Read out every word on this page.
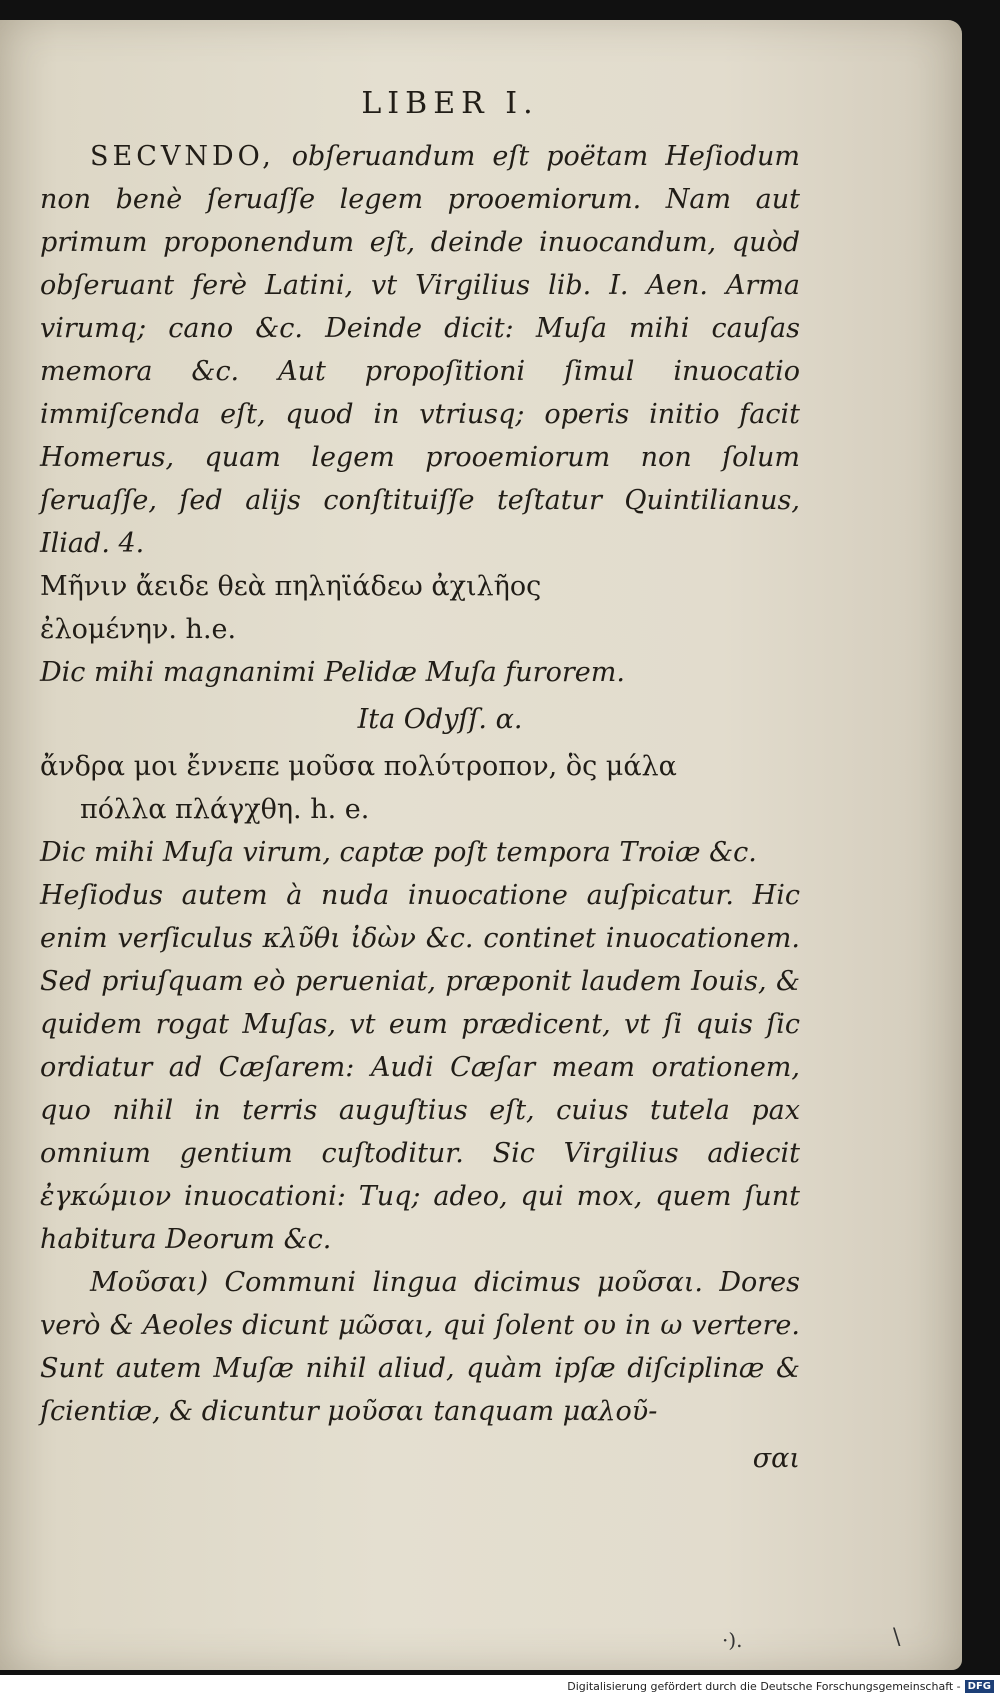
LIBER I.

SECVNDO, obſeruandum eſt poëtam Heſiodum non benè ſeruaſſe legem prooemiorum. Nam aut primum proponendum eſt, deinde inuocandum, quòd obſeruant ferè Latini, vt Virgilius lib. I. Aen. Arma virumq; cano &c. Deinde dicit: Muſa mihi cauſas memora &c. Aut propoſitioni ſimul inuocatio immiſcenda eſt, quod in vtriusq; operis initio facit Homerus, quam legem prooemiorum non ſolum ſeruaſſe, ſed alijs conſtituiſſe teſtatur Quintilianus, Iliad. 4.

Μῆνιν ἄειδε θεὰ πηληϊάδεω ἀχιλῆος

ἐλομένην. h.e.

Dic mihi magnanimi Pelidæ Muſa furorem.

Ita Odyſſ. α.

ἄνδρα μοι ἔννεπε μοῦσα πολύτροπον, ὃς μάλα

πόλλα πλάγχθη. h. e.

Dic mihi Muſa virum, captæ poſt tempora Troiæ &c.

Heſiodus autem à nuda inuocatione auſpicatur. Hic enim verſiculus κλῦθι ἰδὼν &c. continet inuocationem. Sed priuſquam eò perueniat, præponit laudem Iouis, & quidem rogat Muſas, vt eum prædicent, vt ſi quis ſic ordiatur ad Cæſarem: Audi Cæſar meam orationem, quo nihil in terris auguſtius eſt, cuius tutela pax omnium gentium cuſtoditur. Sic Virgilius adiecit ἐγκώμιον inuocationi: Tuq; adeo, qui mox, quem ſunt habitura Deorum &c.

Μοῦσαι) Communi lingua dicimus μοῦσαι. Dores verò & Aeoles dicunt μῶσαι, qui ſolent ου in ω vertere. Sunt autem Muſæ nihil aliud, quàm ipſæ diſciplinæ & ſcientiæ, & dicuntur μοῦσαι tanquam μαλοῦ-

σαι

·).	\
Digitalisierung gefördert durch die Deutsche Forschungsgemeinschaft - DFG
